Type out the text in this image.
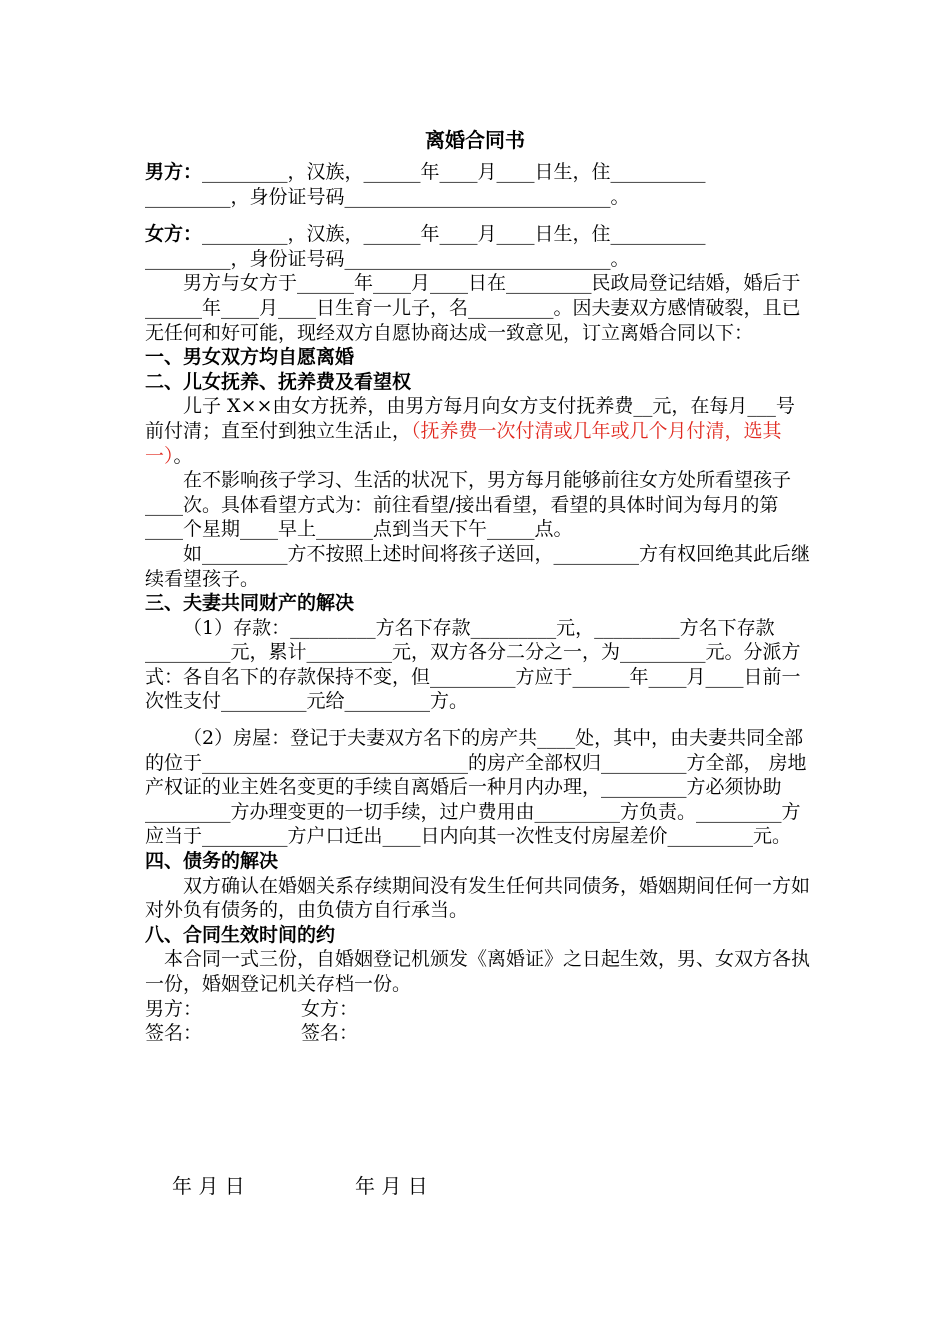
离婚合同书

男方：_________，汉族，______年____月____日生，住__________

_________，身份证号码____________________________。

女方：_________，汉族，______年____月____日生，住__________

_________，身份证号码____________________________。

男方与女方于______年____月____日在_________民政局登记结婚，婚后于______年____月____日生育一儿子，名_________。因夫妻双方感情破裂，且已无任何和好可能，现经双方自愿协商达成一致意见，订立离婚合同以下：

一、男女双方均自愿离婚

二、儿女抚养、抚养费及看望权

儿子 X××由女方抚养，由男方每月向女方支付抚养费__元，在每月___号前付清；直至付到独立生活止，（抚养费一次付清或几年或几个月付清，选其一）。

在不影响孩子学习、生活的状况下，男方每月能够前往女方处所看望孩子____次。具体看望方式为：前往看望/接出看望，看望的具体时间为每月的第____个星期____早上______点到当天下午_____点。

如_________方不按照上述时间将孩子送回，_________方有权回绝其此后继续看望孩子。

三、夫妻共同财产的解决

（1）存款：_________方名下存款_________元，_________方名下存款_________元，累计_________元，双方各分二分之一，为_________元。分派方式：各自名下的存款保持不变，但_________方应于______年____月____日前一次性支付_________元给_________方。

（2）房屋：登记于夫妻双方名下的房产共____处，其中，由夫妻共同全部的位于____________________________的房产全部权归_________方全部， 房地产权证的业主姓名变更的手续自离婚后一种月内办理，_________方必须协助_________方办理变更的一切手续，过户费用由_________方负责。_________方应当于_________方户口迁出____日内向其一次性支付房屋差价_________元。

四、债务的解决

双方确认在婚姻关系存续期间没有发生任何共同债务，婚姻期间任何一方如对外负有债务的，由负债方自行承当。

八、合同生效时间的约

本合同一式三份，自婚姻登记机颁发《离婚证》之日起生效，男、女双方各执一份，婚姻登记机关存档一份。

男方：	女方：
签名：	签名：
年 月 日	年 月 日
